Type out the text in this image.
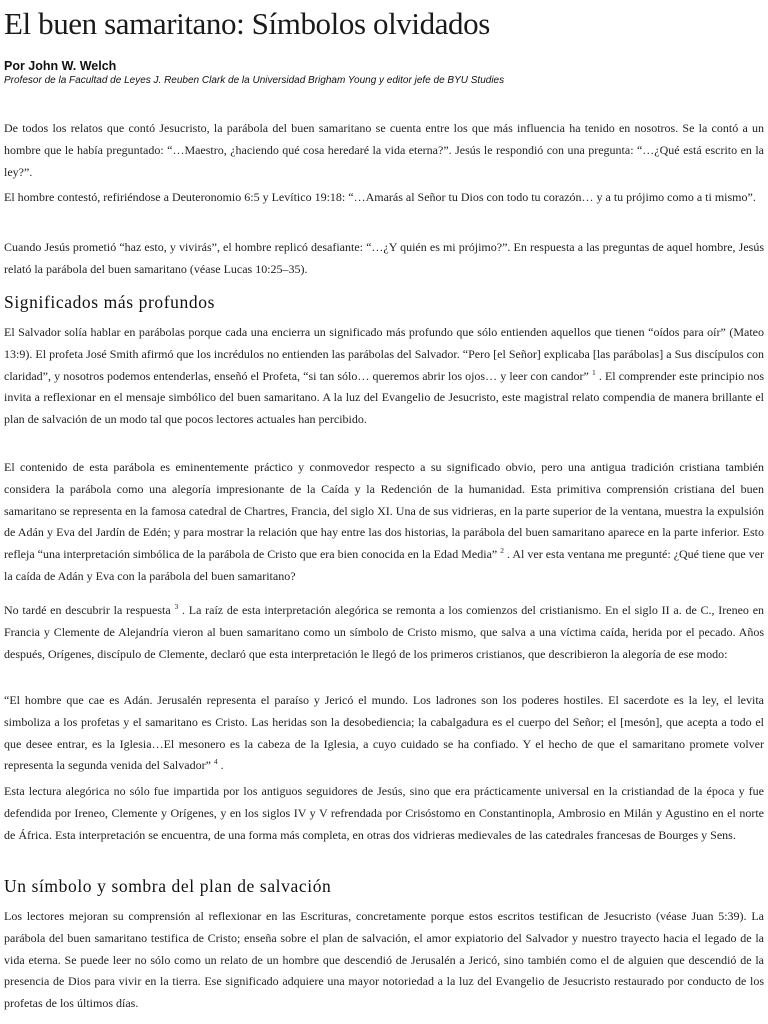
El buen samaritano: Símbolos olvidados
Por John W. Welch
Profesor de la Facultad de Leyes J. Reuben Clark de la Universidad Brigham Young y editor jefe de BYU Studies

De todos los relatos que contó Jesucristo, la parábola del buen samaritano se cuenta entre los que más influencia ha tenido en nosotros. Se la contó a un hombre que le había preguntado: “…Maestro, ¿haciendo qué cosa heredaré la vida eterna?”. Jesús le respondió con una pregunta: “…¿Qué está escrito en la ley?”.

El hombre contestó, refiriéndose a Deuteronomio 6:5 y Levítico 19:18: “…Amarás al Señor tu Dios con todo tu corazón… y a tu prójimo como a ti mismo”.

Cuando Jesús prometió “haz esto, y vivirás”, el hombre replicó desafiante: “…¿Y quién es mi prójimo?”. En respuesta a las preguntas de aquel hombre, Jesús relató la parábola del buen samaritano (véase Lucas 10:25–35).

Significados más profundos

El Salvador solía hablar en parábolas porque cada una encierra un significado más profundo que sólo entienden aquellos que tienen “oídos para oír” (Mateo 13:9). El profeta José Smith afirmó que los incrédulos no entienden las parábolas del Salvador. “Pero [el Señor] explicaba [las parábolas] a Sus discípulos con claridad”, y nosotros podemos entenderlas, enseñó el Profeta, “si tan sólo… queremos abrir los ojos… y leer con candor” $^1$ . El comprender este principio nos invita a reflexionar en el mensaje simbólico del buen samaritano. A la luz del Evangelio de Jesucristo, este magistral relato compendia de manera brillante el plan de salvación de un modo tal que pocos lectores actuales han percibido.

El contenido de esta parábola es eminentemente práctico y conmovedor respecto a su significado obvio, pero una antigua tradición cristiana también considera la parábola como una alegoría impresionante de la Caída y la Redención de la humanidad. Esta primitiva comprensión cristiana del buen samaritano se representa en la famosa catedral de Chartres, Francia, del siglo XI. Una de sus vidrieras, en la parte superior de la ventana, muestra la expulsión de Adán y Eva del Jardín de Edén; y para mostrar la relación que hay entre las dos historias, la parábola del buen samaritano aparece en la parte inferior. Esto refleja “una interpretación simbólica de la parábola de Cristo que era bien conocida en la Edad Media” $^2$ . Al ver esta ventana me pregunté: ¿Qué tiene que ver la caída de Adán y Eva con la parábola del buen samaritano?

No tardé en descubrir la respuesta $^3$ . La raíz de esta interpretación alegórica se remonta a los comienzos del cristianismo. En el siglo II a. de C., Ireneo en Francia y Clemente de Alejandría vieron al buen samaritano como un símbolo de Cristo mismo, que salva a una víctima caída, herida por el pecado. Años después, Orígenes, discípulo de Clemente, declaró que esta interpretación le llegó de los primeros cristianos, que describieron la alegoría de ese modo:

“El hombre que cae es Adán. Jerusalén representa el paraíso y Jericó el mundo. Los ladrones son los poderes hostiles. El sacerdote es la ley, el levita simboliza a los profetas y el samaritano es Cristo. Las heridas son la desobediencia; la cabalgadura es el cuerpo del Señor; el [mesón], que acepta a todo el que desee entrar, es la Iglesia…El mesonero es la cabeza de la Iglesia, a cuyo cuidado se ha confiado. Y el hecho de que el samaritano promete volver representa la segunda venida del Salvador” $^4$ .

Esta lectura alegórica no sólo fue impartida por los antiguos seguidores de Jesús, sino que era prácticamente universal en la cristiandad de la época y fue defendida por Ireneo, Clemente y Orígenes, y en los siglos IV y V refrendada por Crisóstomo en Constantinopla, Ambrosio en Milán y Agustino en el norte de África. Esta interpretación se encuentra, de una forma más completa, en otras dos vidrieras medievales de las catedrales francesas de Bourges y Sens.

Un símbolo y sombra del plan de salvación

Los lectores mejoran su comprensión al reflexionar en las Escrituras, concretamente porque estos escritos testifican de Jesucristo (véase Juan 5:39). La parábola del buen samaritano testifica de Cristo; enseña sobre el plan de salvación, el amor expiatorio del Salvador y nuestro trayecto hacia el legado de la vida eterna. Se puede leer no sólo como un relato de un hombre que descendió de Jerusalén a Jericó, sino también como el de alguien que descendió de la presencia de Dios para vivir en la tierra. Ese significado adquiere una mayor notoriedad a la luz del Evangelio de Jesucristo restaurado por conducto de los profetas de los últimos días.
